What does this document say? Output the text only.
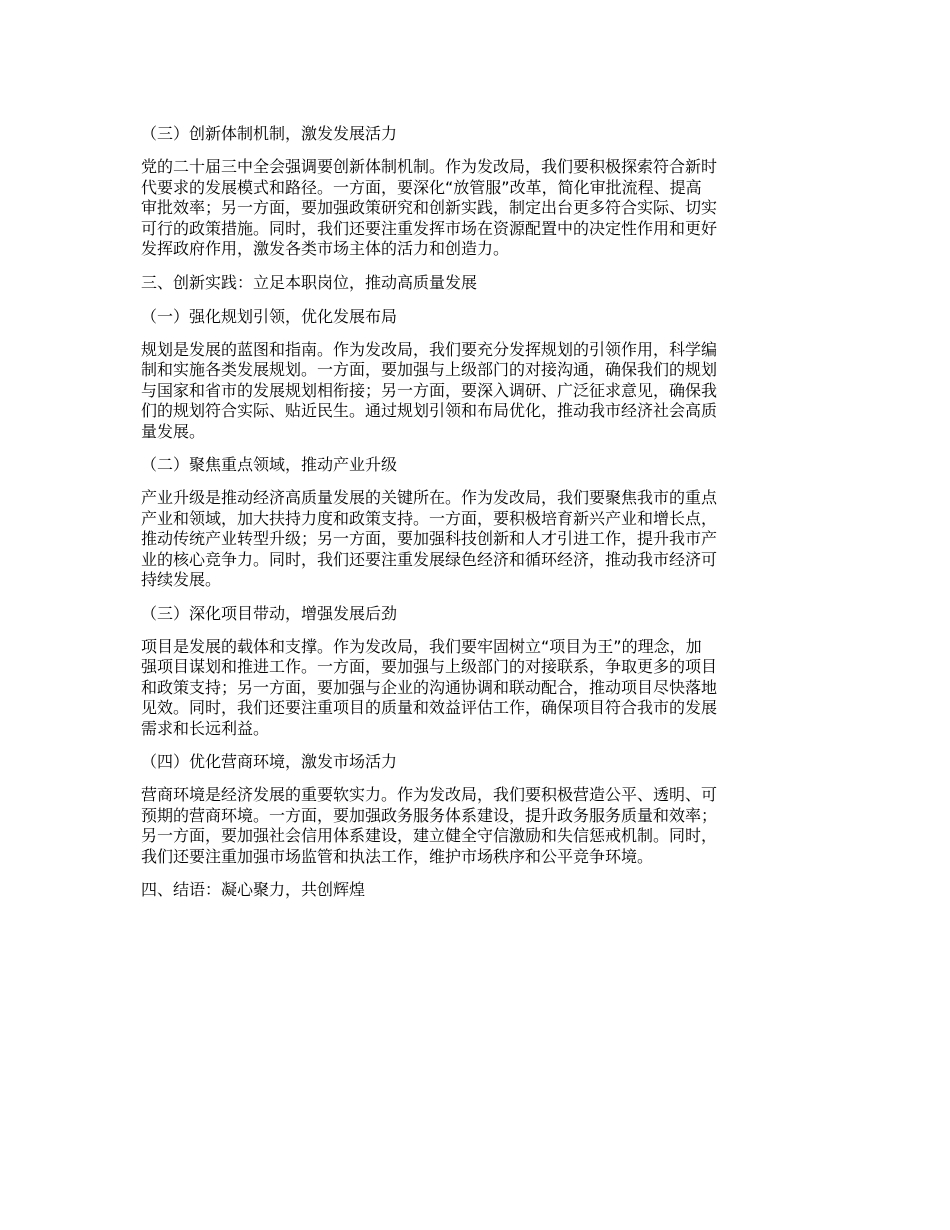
（三）创新体制机制，激发发展活力
党的二十届三中全会强调要创新体制机制。作为发改局，我们要积极探索符合新时
代要求的发展模式和路径。一方面，要深化“放管服”改革，简化审批流程、提高
审批效率；另一方面，要加强政策研究和创新实践，制定出台更多符合实际、切实
可行的政策措施。同时，我们还要注重发挥市场在资源配置中的决定性作用和更好
发挥政府作用，激发各类市场主体的活力和创造力。
三、创新实践：立足本职岗位，推动高质量发展
（一）强化规划引领，优化发展布局
规划是发展的蓝图和指南。作为发改局，我们要充分发挥规划的引领作用，科学编
制和实施各类发展规划。一方面，要加强与上级部门的对接沟通，确保我们的规划
与国家和省市的发展规划相衔接；另一方面，要深入调研、广泛征求意见，确保我
们的规划符合实际、贴近民生。通过规划引领和布局优化，推动我市经济社会高质
量发展。
（二）聚焦重点领域，推动产业升级
产业升级是推动经济高质量发展的关键所在。作为发改局，我们要聚焦我市的重点
产业和领域，加大扶持力度和政策支持。一方面，要积极培育新兴产业和增长点，
推动传统产业转型升级；另一方面，要加强科技创新和人才引进工作，提升我市产
业的核心竞争力。同时，我们还要注重发展绿色经济和循环经济，推动我市经济可
持续发展。
（三）深化项目带动，增强发展后劲
项目是发展的载体和支撑。作为发改局，我们要牢固树立“项目为王”的理念，加
强项目谋划和推进工作。一方面，要加强与上级部门的对接联系，争取更多的项目
和政策支持；另一方面，要加强与企业的沟通协调和联动配合，推动项目尽快落地
见效。同时，我们还要注重项目的质量和效益评估工作，确保项目符合我市的发展
需求和长远利益。
（四）优化营商环境，激发市场活力
营商环境是经济发展的重要软实力。作为发改局，我们要积极营造公平、透明、可
预期的营商环境。一方面，要加强政务服务体系建设，提升政务服务质量和效率；
另一方面，要加强社会信用体系建设，建立健全守信激励和失信惩戒机制。同时，
我们还要注重加强市场监管和执法工作，维护市场秩序和公平竞争环境。
四、结语：凝心聚力，共创辉煌
